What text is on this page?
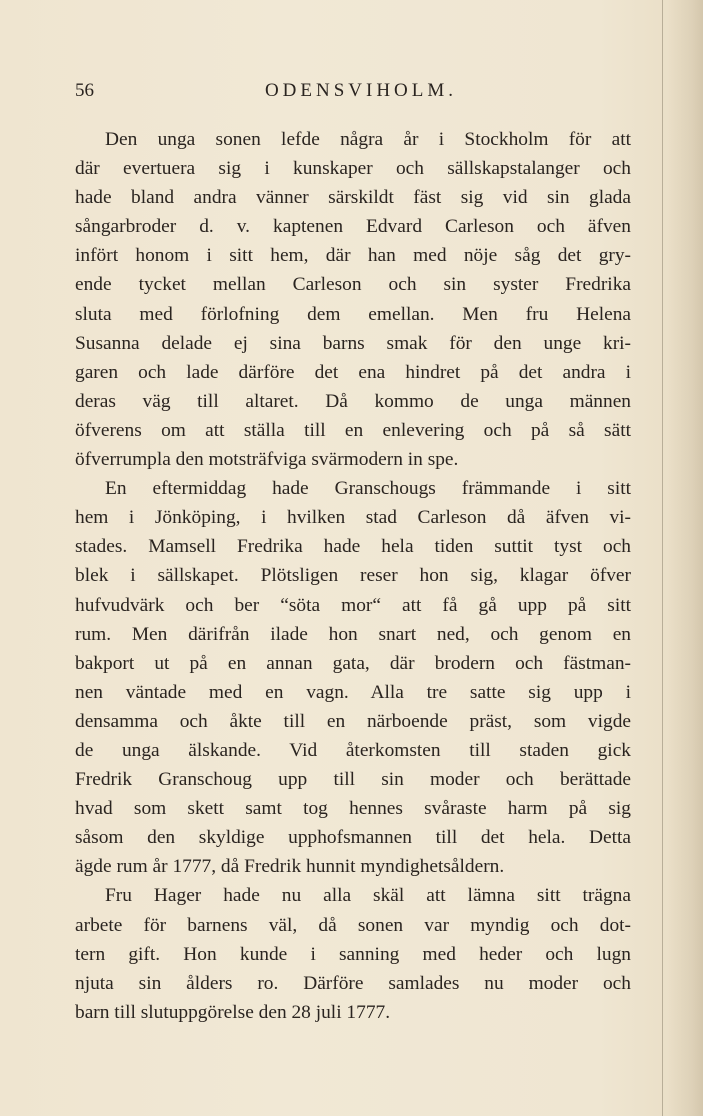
56	ODENSVIHOLM.
Den unga sonen lefde några år i Stockholm för att
där evertuera sig i kunskaper och sällskapstalanger och
hade bland andra vänner särskildt fäst sig vid sin glada
sångarbroder d. v. kaptenen Edvard Carleson och äfven
infört honom i sitt hem, där han med nöje såg det gry-
ende tycket mellan Carleson och sin syster Fredrika
sluta med förlofning dem emellan. Men fru Helena
Susanna delade ej sina barns smak för den unge kri-
garen och lade därföre det ena hindret på det andra i
deras väg till altaret. Då kommo de unga männen
öfverens om att ställa till en enlevering och på så sätt
öfverrumpla den motsträfviga svärmodern in spe.
En eftermiddag hade Granschougs främmande i sitt
hem i Jönköping, i hvilken stad Carleson då äfven vi-
stades. Mamsell Fredrika hade hela tiden suttit tyst och
blek i sällskapet. Plötsligen reser hon sig, klagar öfver
hufvudvärk och ber “söta mor“ att få gå upp på sitt
rum. Men därifrån ilade hon snart ned, och genom en
bakport ut på en annan gata, där brodern och fästman-
nen väntade med en vagn. Alla tre satte sig upp i
densamma och åkte till en närboende präst, som vigde
de unga älskande. Vid återkomsten till staden gick
Fredrik Granschoug upp till sin moder och berättade
hvad som skett samt tog hennes svåraste harm på sig
såsom den skyldige upphofsmannen till det hela. Detta
ägde rum år 1777, då Fredrik hunnit myndighetsåldern.
Fru Hager hade nu alla skäl att lämna sitt trägna
arbete för barnens väl, då sonen var myndig och dot-
tern gift. Hon kunde i sanning med heder och lugn
njuta sin ålders ro. Därföre samlades nu moder och
barn till slutuppgörelse den 28 juli 1777.
